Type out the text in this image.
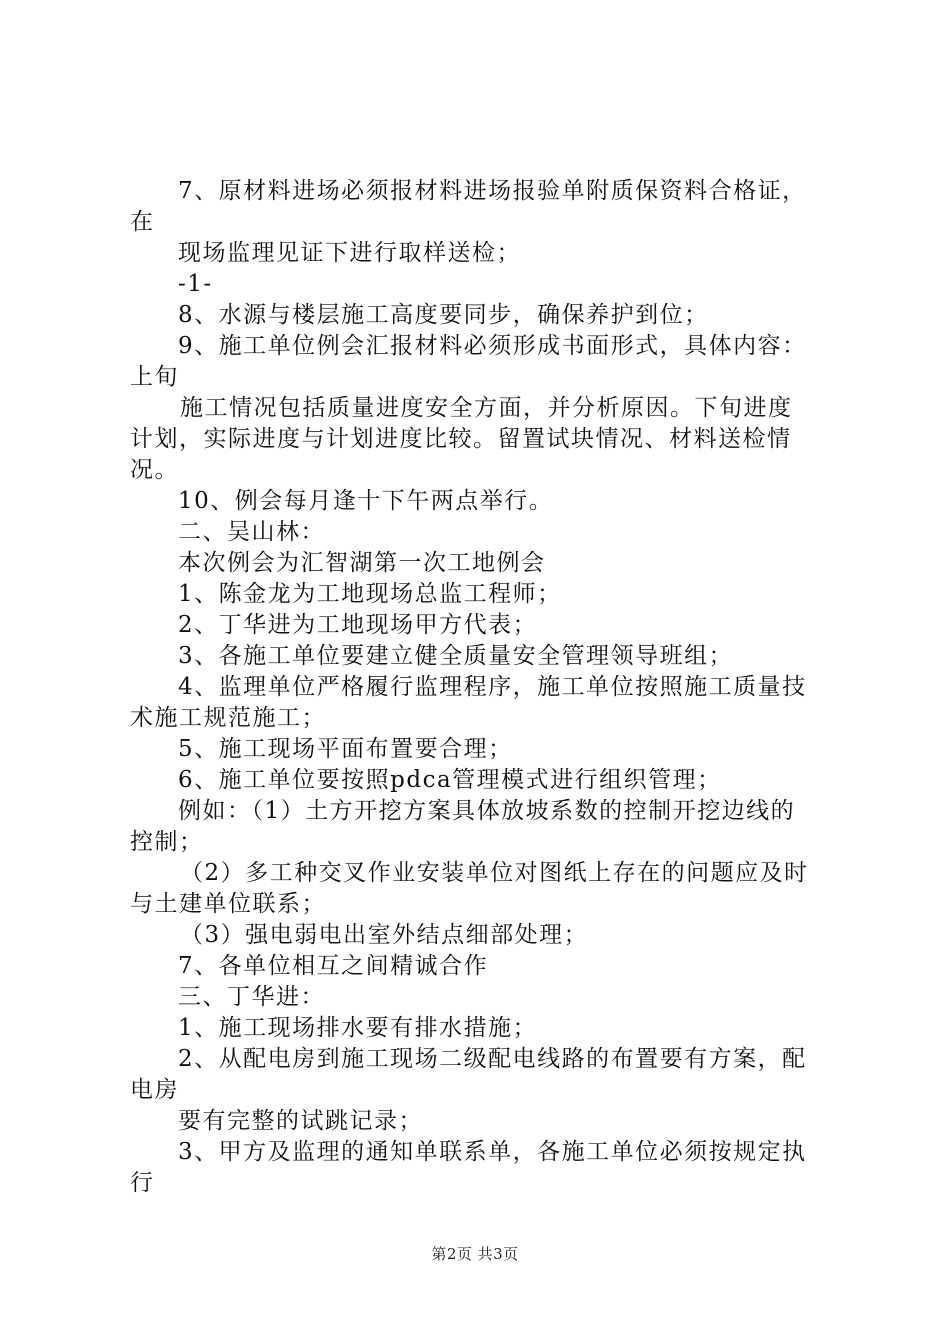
7、原材料进场必须报材料进场报验单附质保资料合格证，
在
现场监理见证下进行取样送检；
-1-
8、水源与楼层施工高度要同步，确保养护到位；
9、施工单位例会汇报材料必须形成书面形式，具体内容：
上旬
施工情况包括质量进度安全方面，并分析原因。下旬进度
计划，实际进度与计划进度比较。留置试块情况、材料送检情
况。
10、例会每月逢十下午两点举行。
二、吴山林：
本次例会为汇智湖第一次工地例会
1、陈金龙为工地现场总监工程师；
2、丁华进为工地现场甲方代表；
3、各施工单位要建立健全质量安全管理领导班组；
4、监理单位严格履行监理程序，施工单位按照施工质量技
术施工规范施工；
5、施工现场平面布置要合理；
6、施工单位要按照pdca管理模式进行组织管理；
例如：（1）土方开挖方案具体放坡系数的控制开挖边线的
控制；
（2）多工种交叉作业安装单位对图纸上存在的问题应及时
与土建单位联系；
（3）强电弱电出室外结点细部处理；
7、各单位相互之间精诚合作
三、丁华进：
1、施工现场排水要有排水措施；
2、从配电房到施工现场二级配电线路的布置要有方案，配
电房
要有完整的试跳记录；
3、甲方及监理的通知单联系单，各施工单位必须按规定执
行
第2页 共3页
